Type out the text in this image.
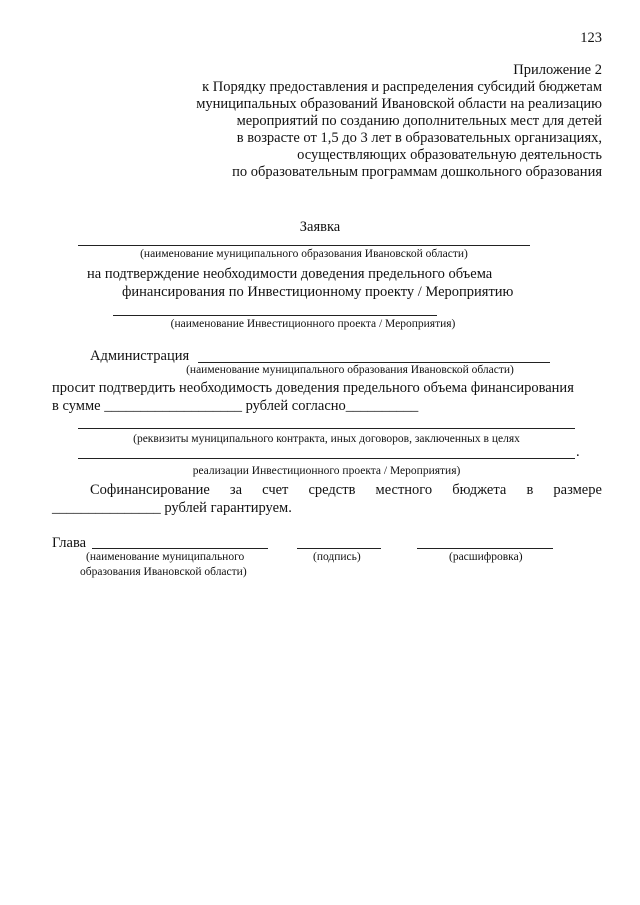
123
Приложение 2
к Порядку предоставления и распределения субсидий бюджетам
муниципальных образований Ивановской области на реализацию
мероприятий по созданию дополнительных мест для детей
в возрасте от 1,5 до 3 лет в образовательных организациях,
осуществляющих образовательную деятельность
по образовательным программам дошкольного образования
Заявка
(наименование муниципального образования Ивановской области)
на подтверждение необходимости доведения предельного объема
финансирования по Инвестиционному проекту / Мероприятию
(наименование Инвестиционного проекта / Мероприятия)
Администрация
(наименование муниципального образования Ивановской области)
просит подтвердить необходимость доведения предельного объема финансирования
в сумме ___________________ рублей согласно__________
(реквизиты муниципального контракта, иных договоров, заключенных в целях
.
реализации Инвестиционного проекта / Мероприятия)
Софинансирование за счет средств местного бюджета в размере
_______________ рублей гарантируем.
Глава
(наименование муниципального
образования Ивановской области)
(подпись)	(расшифровка)
